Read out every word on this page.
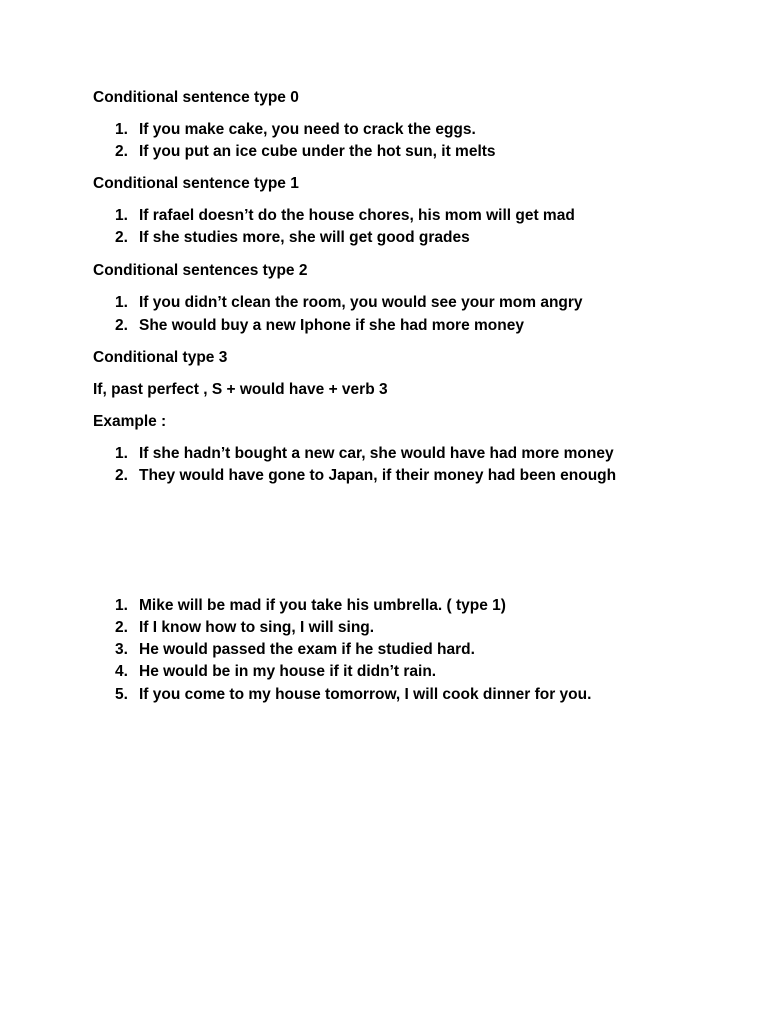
Conditional sentence type 0
1. If you make cake, you need to crack the eggs.
2. If you put an ice cube under the hot sun, it melts
Conditional sentence type 1
1. If rafael doesn’t do the house chores, his mom will get mad
2. If she studies more, she will get good grades
Conditional sentences type 2
1. If you didn’t clean the room, you would see your mom angry
2. She would buy a new Iphone if she had more money
Conditional type 3
If, past perfect , S + would have + verb 3
Example :
1. If she hadn’t bought a new car, she would have had more money
2. They would have gone to Japan, if their money had been enough
1. Mike will be mad if you take his umbrella. ( type 1)
2. If I know how to sing, I will sing.
3. He would passed the exam if he studied hard.
4. He would be in my house if it didn’t rain.
5. If you come to my house tomorrow, I will cook dinner for you.
